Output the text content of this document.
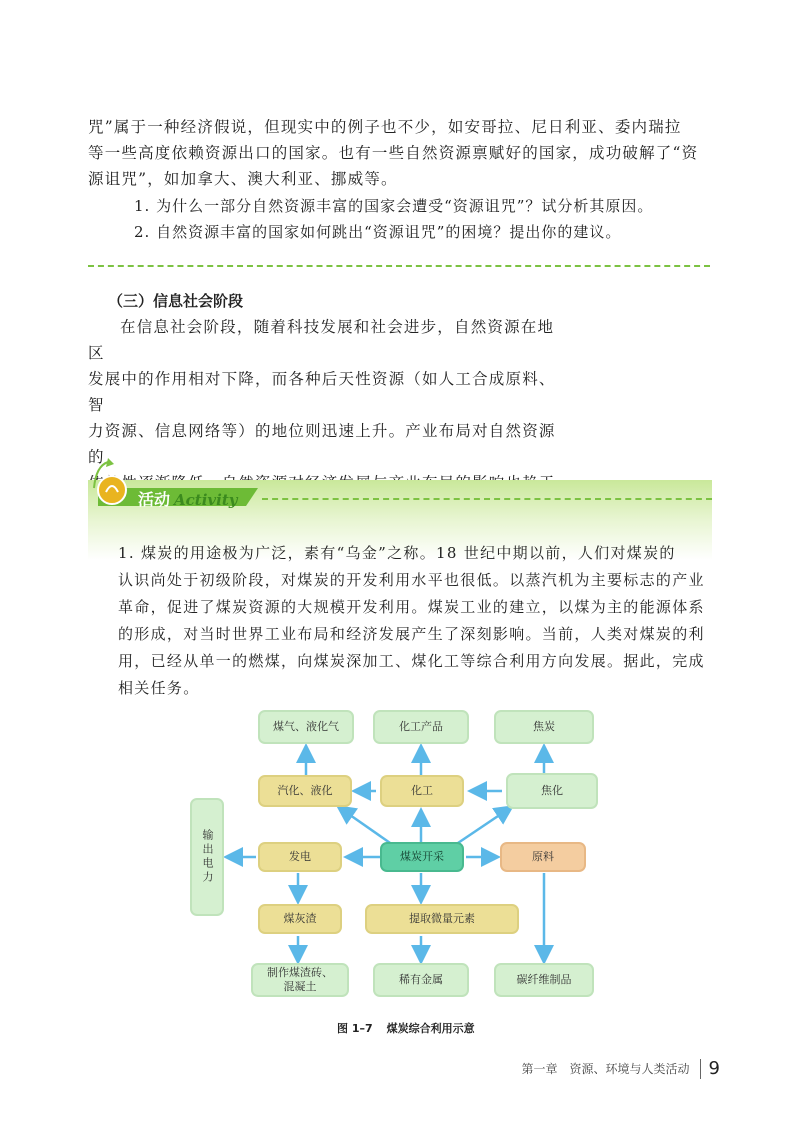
咒”属于一种经济假说，但现实中的例子也不少，如安哥拉、尼日利亚、委内瑞拉

等一些高度依赖资源出口的国家。也有一些自然资源禀赋好的国家，成功破解了“资

源诅咒”，如加拿大、澳大利亚、挪威等。

1. 为什么一部分自然资源丰富的国家会遭受“资源诅咒”？试分析其原因。
2. 自然资源丰富的国家如何跳出“资源诅咒”的困境？提出你的建议。
（三）信息社会阶段

在信息社会阶段，随着科技发展和社会进步，自然资源在地区

发展中的作用相对下降，而各种后天性资源（如人工合成原料、智

力资源、信息网络等）的地位则迅速上升。产业布局对自然资源的

活动 Activity

1. 煤炭的用途极为广泛，素有“乌金”之称。18 世纪中期以前，人们对煤炭的

认识尚处于初级阶段，对煤炭的开发利用水平也很低。以蒸汽机为主要标志的产业

革命，促进了煤炭资源的大规模开发利用。煤炭工业的建立，以煤为主的能源体系

的形成，对当时世界工业布局和经济发展产生了深刻影响。当前，人类对煤炭的利

用，已经从单一的燃煤，向煤炭深加工、煤化工等综合利用方向发展。据此，完成

相关任务。

煤气、液化气	化工产品	焦炭
汽化、液化	化工	焦化
输出电力	发电	煤炭开采	原料
煤灰渣	提取微量元素
制作煤渣砖、
混凝土
稀有金属	碳纤维制品
图 1–7 煤炭综合利用示意
第一章　资源、环境与人类活动 9
